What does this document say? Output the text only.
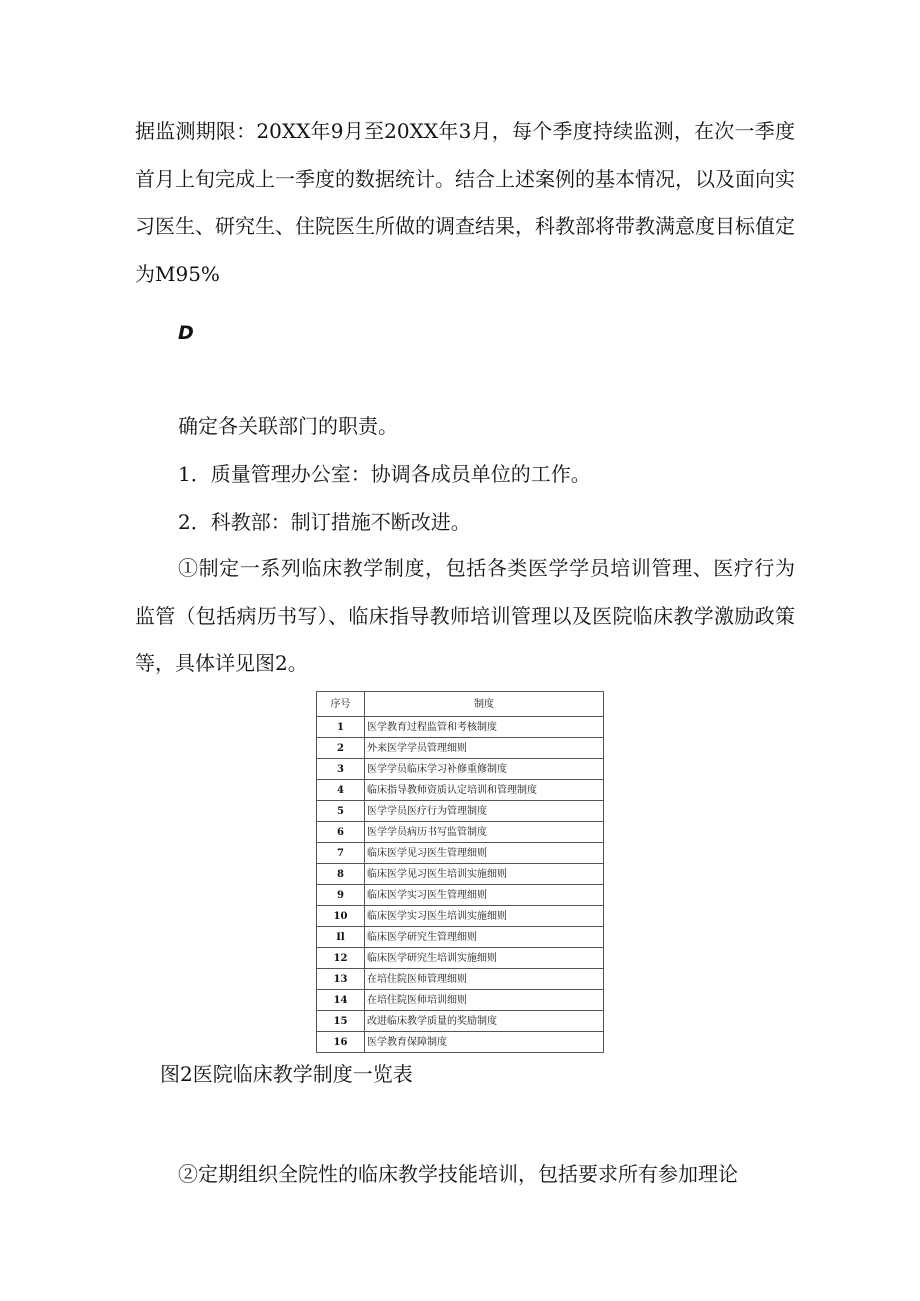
据监测期限：20XX年9月至20XX年3月，每个季度持续监测，在次一季度首月上旬完成上一季度的数据统计。结合上述案例的基本情况，以及面向实习医生、研究生、住院医生所做的调查结果，科教部将带教满意度目标值定为M95%

D

确定各关联部门的职责。

1．质量管理办公室：协调各成员单位的工作。

2．科教部：制订措施不断改进。

①制定一系列临床教学制度，包括各类医学学员培训管理、医疗行为监管（包括病历书写）、临床指导教师培训管理以及医院临床教学激励政策等，具体详见图2。

序号	制度
1	医学教育过程监管和考核制度
2	外来医学学员管理细则
3	医学学员临床学习补修重修制度
4	临床指导教师资质认定培训和管理制度
5	医学学员医疗行为管理制度
6	医学学员病历书写监管制度
7	临床医学见习医生管理细则
8	临床医学见习医生培训实施细则
9	临床医学实习医生管理细则
10	临床医学实习医生培训实施细则
Il	临床医学研究生管理细则
12	临床医学研究生培训实施细则
13	在培住院医师管理细则
14	在培住院医师培训细则
15	改进临床教学质量的奖励制度
16	医学教育保障制度

图2医院临床教学制度一览表

②定期组织全院性的临床教学技能培训，包括要求所有参加理论
